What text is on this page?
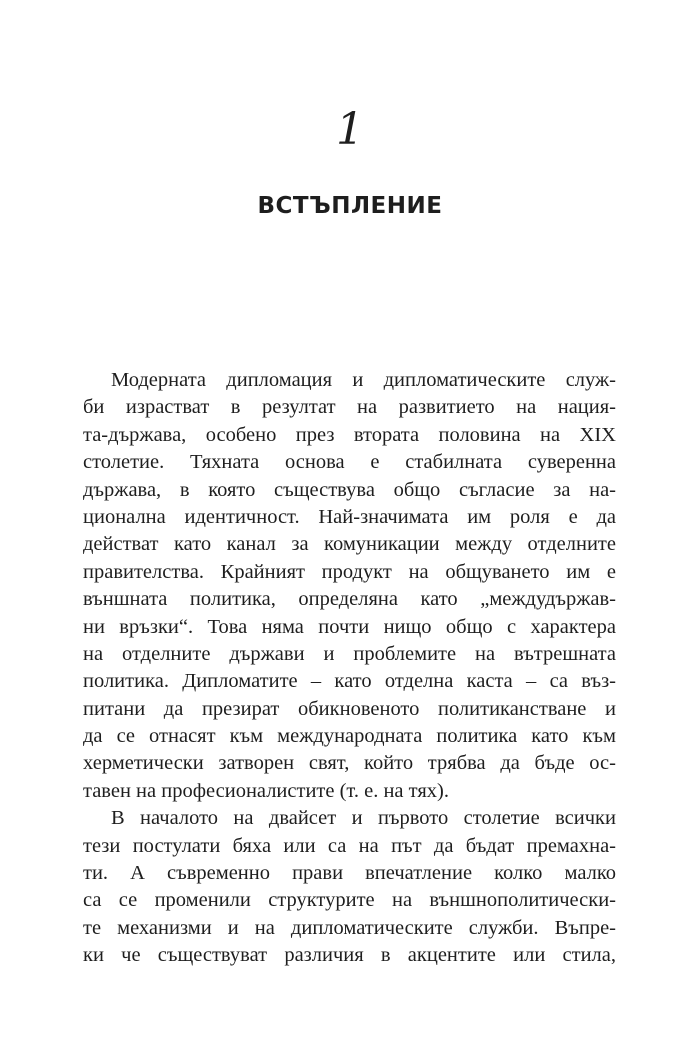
1
ВСТЪПЛЕНИЕ
Модерната дипломация и дипломатическите служ-
би израстват в резултат на развитието на нация-
та-държава, особено през втората половина на XIX
столетие. Тяхната основа е стабилната суверенна
държава, в която съществува общо съгласие за на-
ционална идентичност. Най-значимата им роля е да
действат като канал за комуникации между отделните
правителства. Крайният продукт на общуването им е
външната политика, определяна като „междудържав-
ни връзки“. Това няма почти нищо общо с характера
на отделните държави и проблемите на вътрешната
политика. Дипломатите – като отделна каста – са въз-
питани да презират обикновеното политиканстване и
да се отнасят към международната политика като към
херметически затворен свят, който трябва да бъде ос-
тавен на професионалистите (т. е. на тях).
В началото на двайсет и първото столетие всички
тези постулати бяха или са на път да бъдат премахна-
ти. А съвременно прави впечатление колко малко
са се променили структурите на външнополитически-
те механизми и на дипломатическите служби. Въпре-
ки че съществуват различия в акцентите или стила,
